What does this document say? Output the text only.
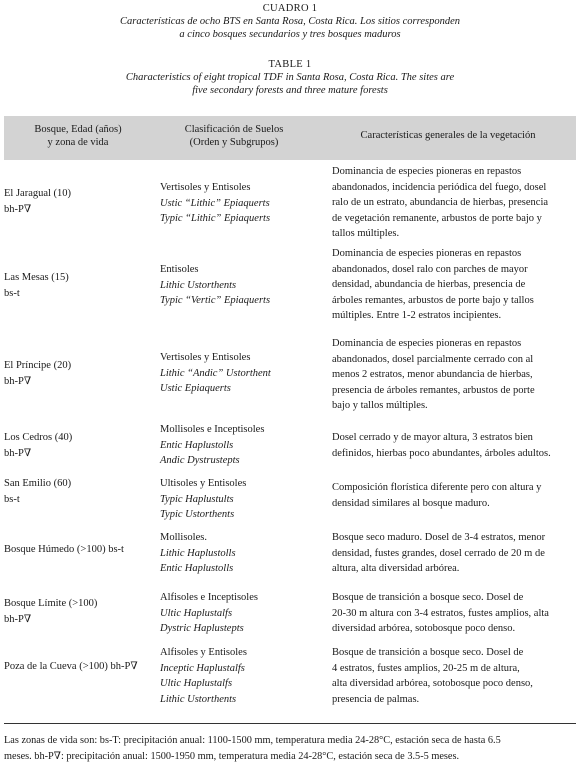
CUADRO 1
Características de ocho BTS en Santa Rosa, Costa Rica. Los sitios corresponden
a cinco bosques secundarios y tres bosques maduros
TABLE 1
Characteristics of eight tropical TDF in Santa Rosa, Costa Rica. The sites are
five secondary forests and three mature forests
Bosque, Edad (años)
y zona de vida
Clasificación de Suelos
(Orden y Subgrupos)
Características generales de la vegetación
El Jaragual (10)
bh-P∇
Vertisoles y Entisoles
Ustic “Lithic” Epiaquerts
Typic “Lithic” Epiaquerts
Dominancia de especies pioneras en repastos
abandonados, incidencia periódica del fuego, dosel
ralo de un estrato, abundancia de hierbas, presencia
de vegetación remanente, arbustos de porte bajo y
tallos múltiples.
Las Mesas (15)
bs-t
Entisoles
Lithic Ustorthents
Typic “Vertic” Epiaquerts
Dominancia de especies pioneras en repastos
abandonados, dosel ralo con parches de mayor
densidad, abundancia de hierbas, presencia de
árboles remantes, arbustos de porte bajo y tallos
múltiples. Entre 1-2 estratos incipientes.
El Príncipe (20)
bh-P∇
Vertisoles y Entisoles
Lithic “Andic” Ustorthent
Ustic Epiaquerts
Dominancia de especies pioneras en repastos
abandonados, dosel parcialmente cerrado con al
menos 2 estratos, menor abundancia de hierbas,
presencia de árboles remantes, arbustos de porte
bajo y tallos múltiples.
Los Cedros (40)
bh-P∇
Mollisoles e Inceptisoles
Entic Haplustolls
Andic Dystrustepts
Dosel cerrado y de mayor altura, 3 estratos bien
definidos, hierbas poco abundantes, árboles adultos.
San Emilio (60)
bs-t
Ultisoles y Entisoles
Typic Haplustults
Typic Ustorthents
Composición florística diferente pero con altura y
densidad similares al bosque maduro.
Bosque Húmedo (>100) bs-t
Mollisoles.
Lithic Haplustolls
Entic Haplustolls
Bosque seco maduro. Dosel de 3-4 estratos, menor
densidad, fustes grandes, dosel cerrado de 20 m de
altura, alta diversidad arbórea.
Bosque Límite (>100)
bh-P∇
Alfisoles e Inceptisoles
Ultic Haplustalfs
Dystric Haplustepts
Bosque de transición a bosque seco. Dosel de
20-30 m altura con 3-4 estratos, fustes amplios, alta
diversidad arbórea, sotobosque poco denso.
Poza de la Cueva (>100) bh-P∇
Alfisoles y Entisoles
Inceptic Haplustalfs
Ultic Haplustalfs
Lithic Ustorthents
Bosque de transición a bosque seco. Dosel de
4 estratos, fustes amplios, 20-25 m de altura,
alta diversidad arbórea, sotobosque poco denso,
presencia de palmas.
Las zonas de vida son: bs-T: precipitación anual: 1100-1500 mm, temperatura media 24-28°C, estación seca de hasta 6.5
meses. bh-P∇: precipitación anual: 1500-1950 mm, temperatura media 24-28°C, estación seca de 3.5-5 meses.
